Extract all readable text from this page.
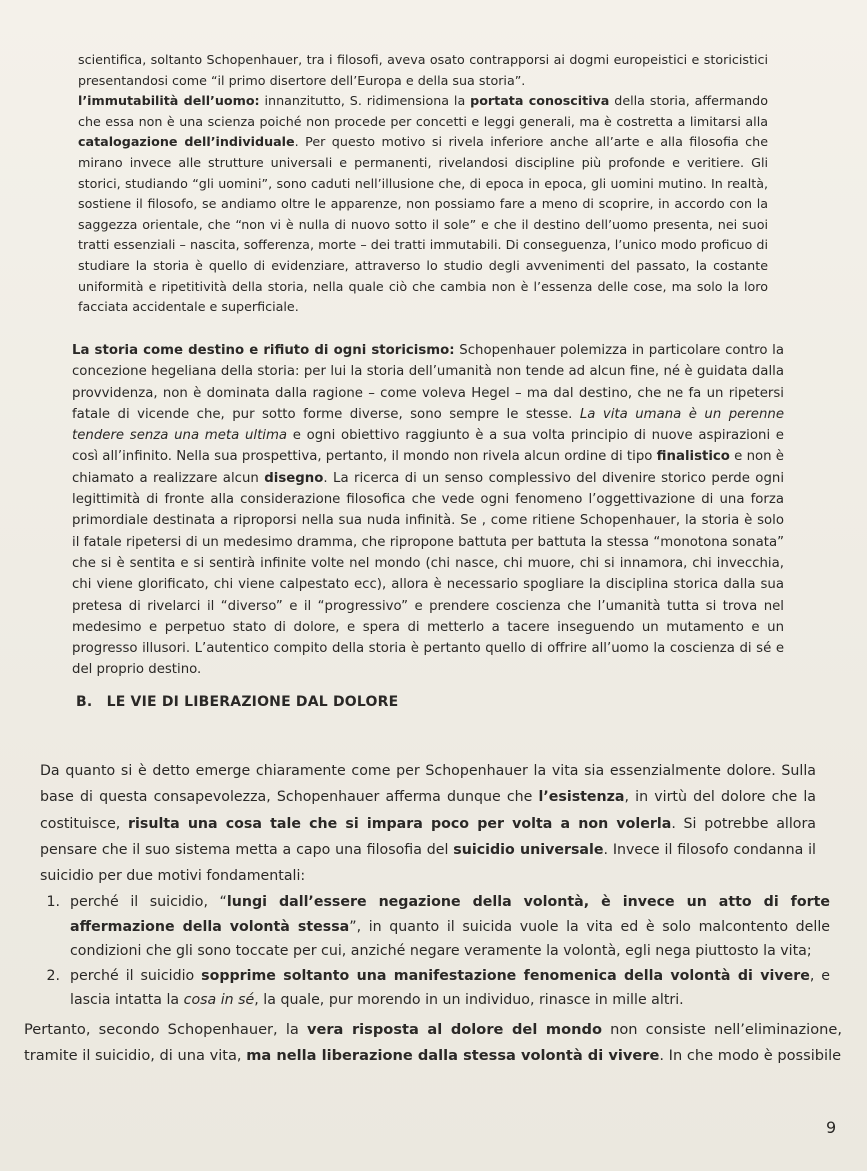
scientifica, soltanto Schopenhauer, tra i filosofi, aveva osato contrapporsi ai dogmi europeistici e storicistici presentandosi come “il primo disertore dell’Europa e della sua storia”.
l’immutabilità dell’uomo: innanzitutto, S. ridimensiona la portata conoscitiva della storia, affermando che essa non è una scienza poiché non procede per concetti e leggi generali, ma è costretta a limitarsi alla catalogazione dell’individuale. Per questo motivo si rivela inferiore anche all’arte e alla filosofia che mirano invece alle strutture universali e permanenti, rivelandosi discipline più profonde e veritiere. Gli storici, studiando “gli uomini”, sono caduti nell’illusione che, di epoca in epoca, gli uomini mutino. In realtà, sostiene il filosofo, se andiamo oltre le apparenze, non possiamo fare a meno di scoprire, in accordo con la saggezza orientale, che “non vi è nulla di nuovo sotto il sole” e che il destino dell’uomo presenta, nei suoi tratti essenziali – nascita, sofferenza, morte – dei tratti immutabili. Di conseguenza, l’unico modo proficuo di studiare la storia è quello di evidenziare, attraverso lo studio degli avvenimenti del passato, la costante uniformità e ripetitività della storia, nella quale ciò che cambia non è l’essenza delle cose, ma solo la loro facciata accidentale e superficiale.

La storia come destino e rifiuto di ogni storicismo: Schopenhauer polemizza in particolare contro la concezione hegeliana della storia: per lui la storia dell’umanità non tende ad alcun fine, né è guidata dalla provvidenza, non è dominata dalla ragione – come voleva Hegel – ma dal destino, che ne fa un ripetersi fatale di vicende che, pur sotto forme diverse, sono sempre le stesse. La vita umana è un perenne tendere senza una meta ultima e ogni obiettivo raggiunto è a sua volta principio di nuove aspirazioni e così all’infinito. Nella sua prospettiva, pertanto, il mondo non rivela alcun ordine di tipo finalistico e non è chiamato a realizzare alcun disegno. La ricerca di un senso complessivo del divenire storico perde ogni legittimità di fronte alla considerazione filosofica che vede ogni fenomeno l’oggettivazione di una forza primordiale destinata a riproporsi nella sua nuda infinità. Se , come ritiene Schopenhauer, la storia è solo il fatale ripetersi di un medesimo dramma, che ripropone battuta per battuta la stessa “monotona sonata” che si è sentita e si sentirà infinite volte nel mondo (chi nasce, chi muore, chi si innamora, chi invecchia, chi viene glorificato, chi viene calpestato ecc), allora è necessario spogliare la disciplina storica dalla sua pretesa di rivelarci il “diverso” e il “progressivo” e prendere coscienza che l’umanità tutta si trova nel medesimo e perpetuo stato di dolore, e spera di metterlo a tacere inseguendo un mutamento e un progresso illusori. L’autentico compito della storia è pertanto quello di offrire all’uomo la coscienza di sé e del proprio destino.

B. LE VIE DI LIBERAZIONE DAL DOLORE

Da quanto si è detto emerge chiaramente come per Schopenhauer la vita sia essenzialmente dolore. Sulla base di questa consapevolezza, Schopenhauer afferma dunque che l’esistenza, in virtù del dolore che la costituisce, risulta una cosa tale che si impara poco per volta a non volerla. Si potrebbe allora pensare che il suo sistema metta a capo una filosofia del suicidio universale. Invece il filosofo condanna il suicidio per due motivi fondamentali:

1. perché il suicidio, “lungi dall’essere negazione della volontà, è invece un atto di forte affermazione della volontà stessa”, in quanto il suicida vuole la vita ed è solo malcontento delle condizioni che gli sono toccate per cui, anziché negare veramente la volontà, egli nega piuttosto la vita;
2. perché il suicidio sopprime soltanto una manifestazione fenomenica della volontà di vivere, e lascia intatta la cosa in sé, la quale, pur morendo in un individuo, rinasce in mille altri.

Pertanto, secondo Schopenhauer, la vera risposta al dolore del mondo non consiste nell’eliminazione, tramite il suicidio, di una vita, ma nella liberazione dalla stessa volontà di vivere. In che modo è possibile

9
